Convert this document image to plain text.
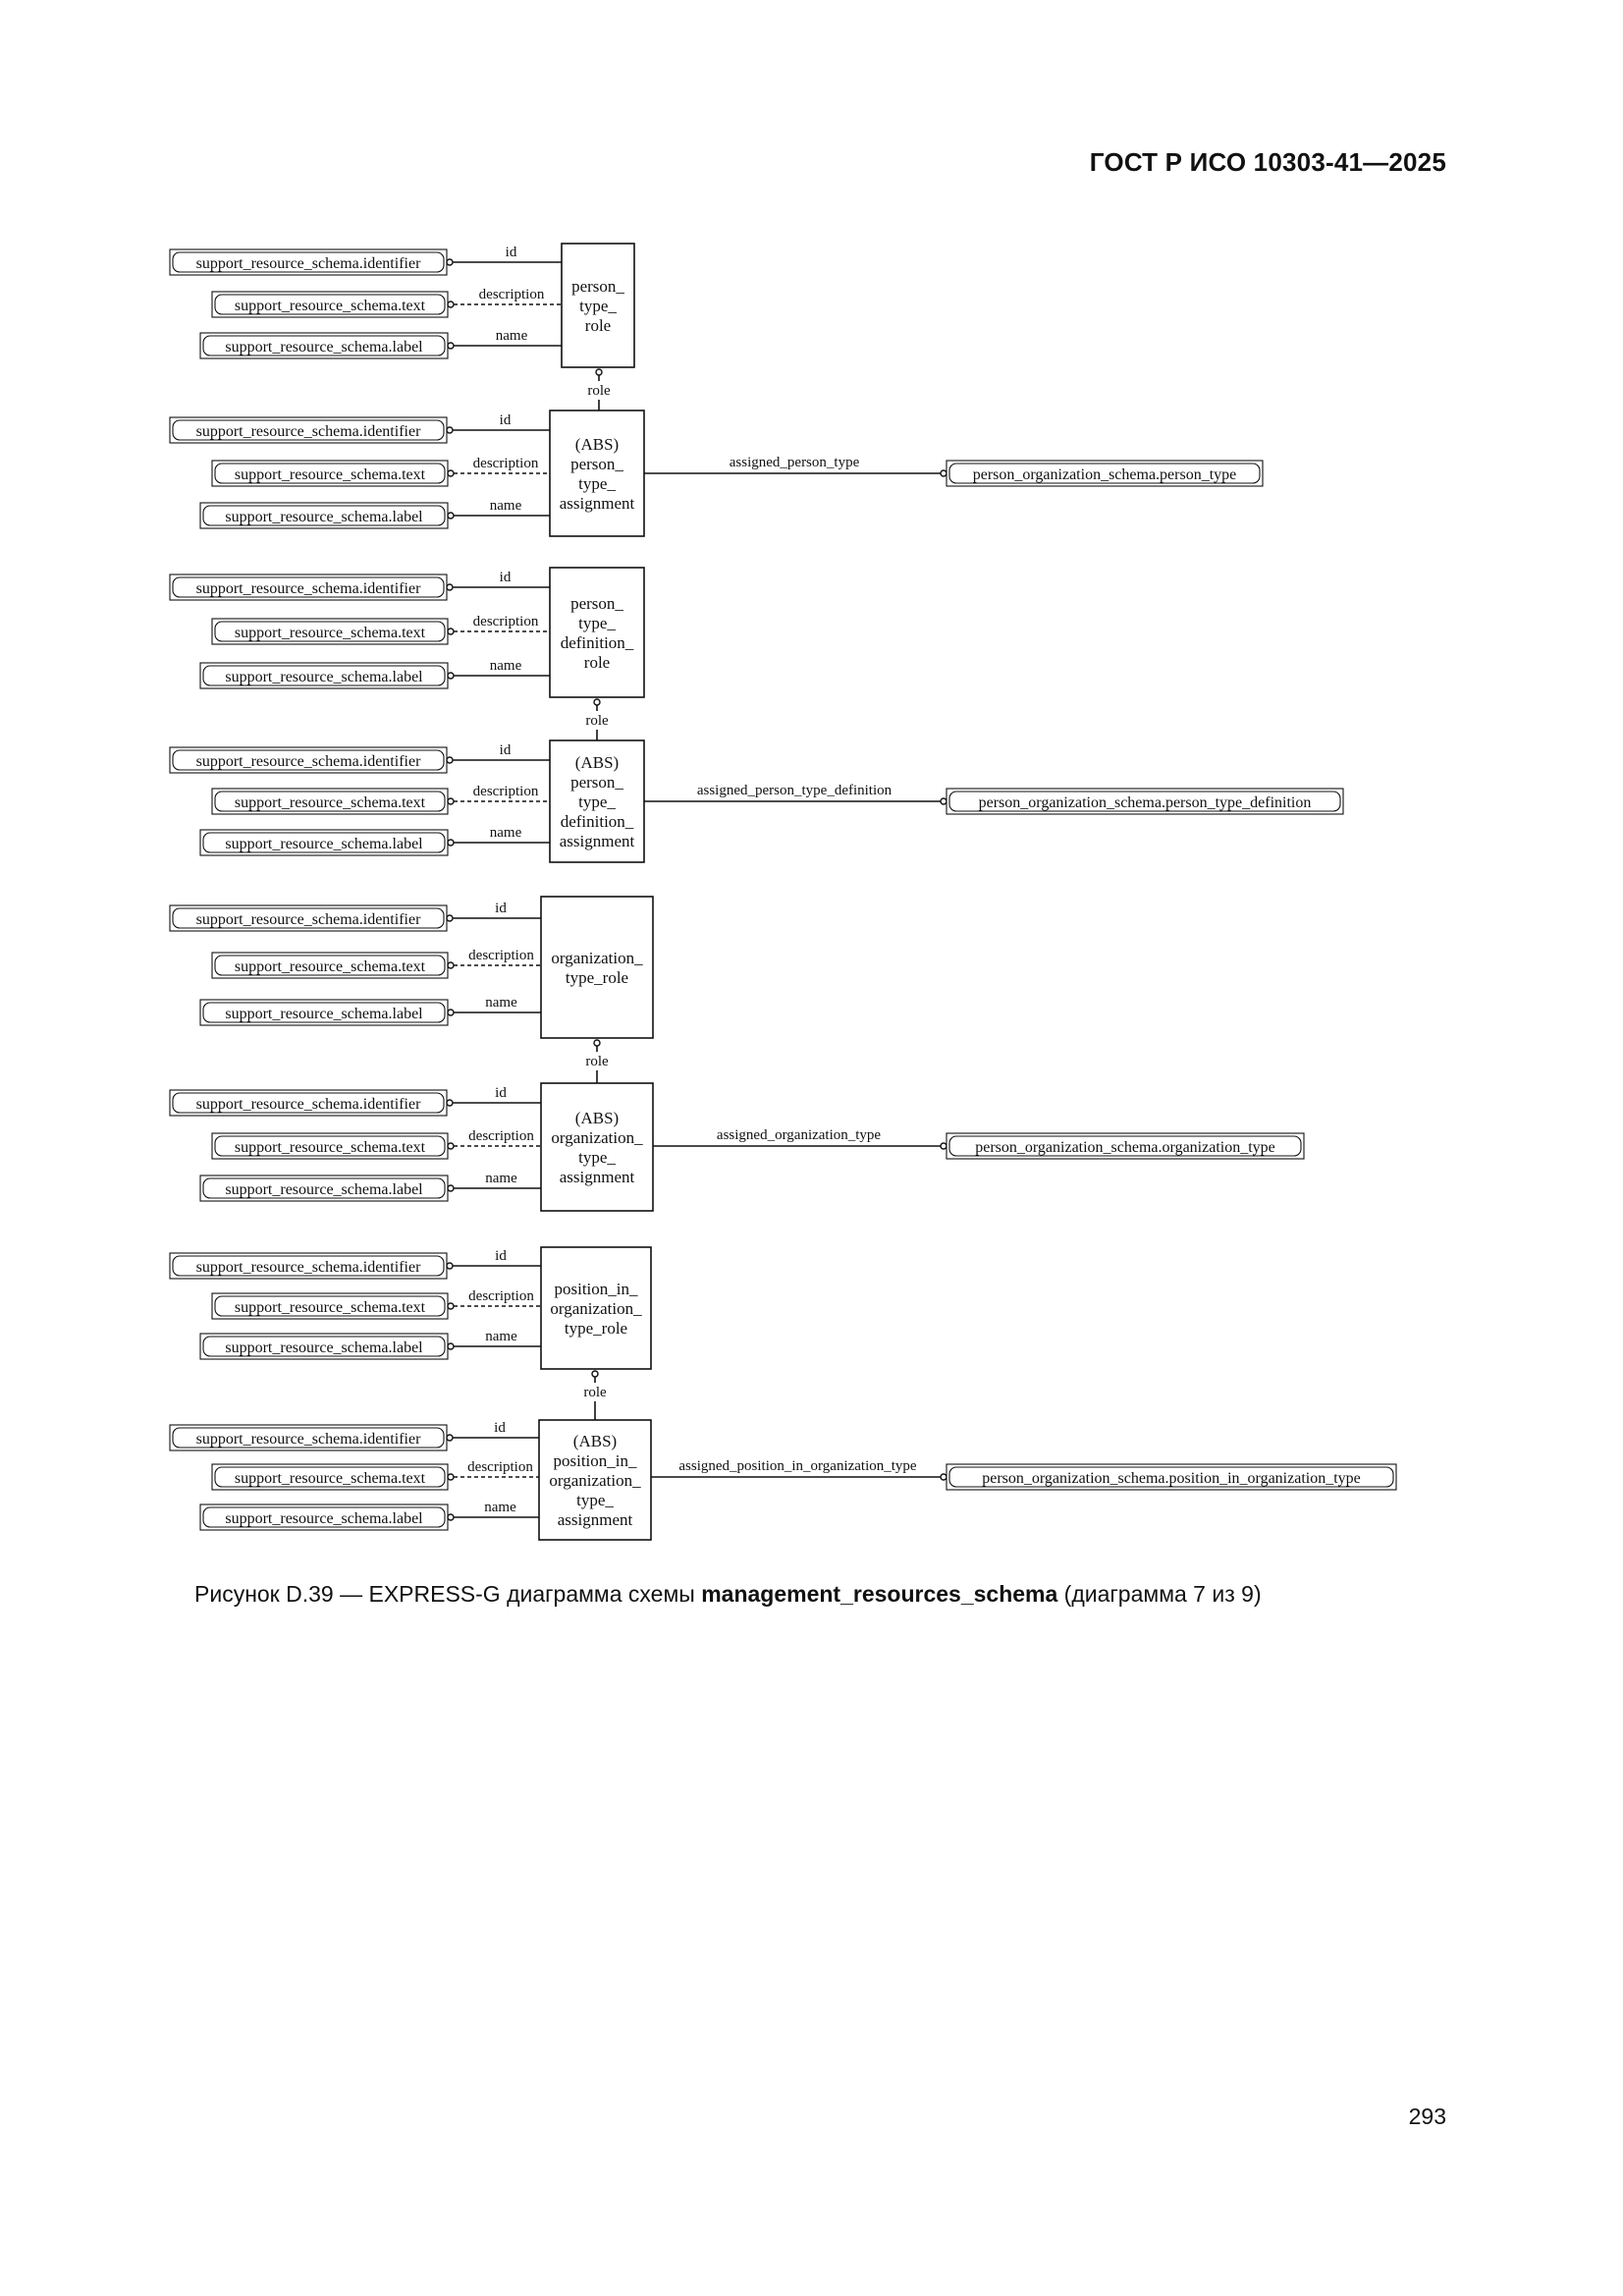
ГОСТ Р ИСО 10303-41—2025
support_resource_schema.identifier
id
support_resource_schema.text
description
support_resource_schema.label
name
person_
type_
role
support_resource_schema.identifier
id
support_resource_schema.text
description
support_resource_schema.label
name
(ABS)
person_
type_
assignment
assigned_person_type
person_organization_schema.person_type
support_resource_schema.identifier
id
support_resource_schema.text
description
support_resource_schema.label
name
person_
type_
definition_
role
support_resource_schema.identifier
id
support_resource_schema.text
description
support_resource_schema.label
name
(ABS)
person_
type_
definition_
assignment
assigned_person_type_definition
person_organization_schema.person_type_definition
support_resource_schema.identifier
id
support_resource_schema.text
description
support_resource_schema.label
name
organization_
type_role
support_resource_schema.identifier
id
support_resource_schema.text
description
support_resource_schema.label
name
(ABS)
organization_
type_
assignment
assigned_organization_type
person_organization_schema.organization_type
support_resource_schema.identifier
id
support_resource_schema.text
description
support_resource_schema.label
name
position_in_
organization_
type_role
support_resource_schema.identifier
id
support_resource_schema.text
description
support_resource_schema.label
name
(ABS)
position_in_
organization_
type_
assignment
assigned_position_in_organization_type
person_organization_schema.position_in_organization_type
role
role
role
role
Рисунок D.39 — EXPRESS-G диаграмма схемы management_resources_schema (диаграмма 7 из 9)
293
